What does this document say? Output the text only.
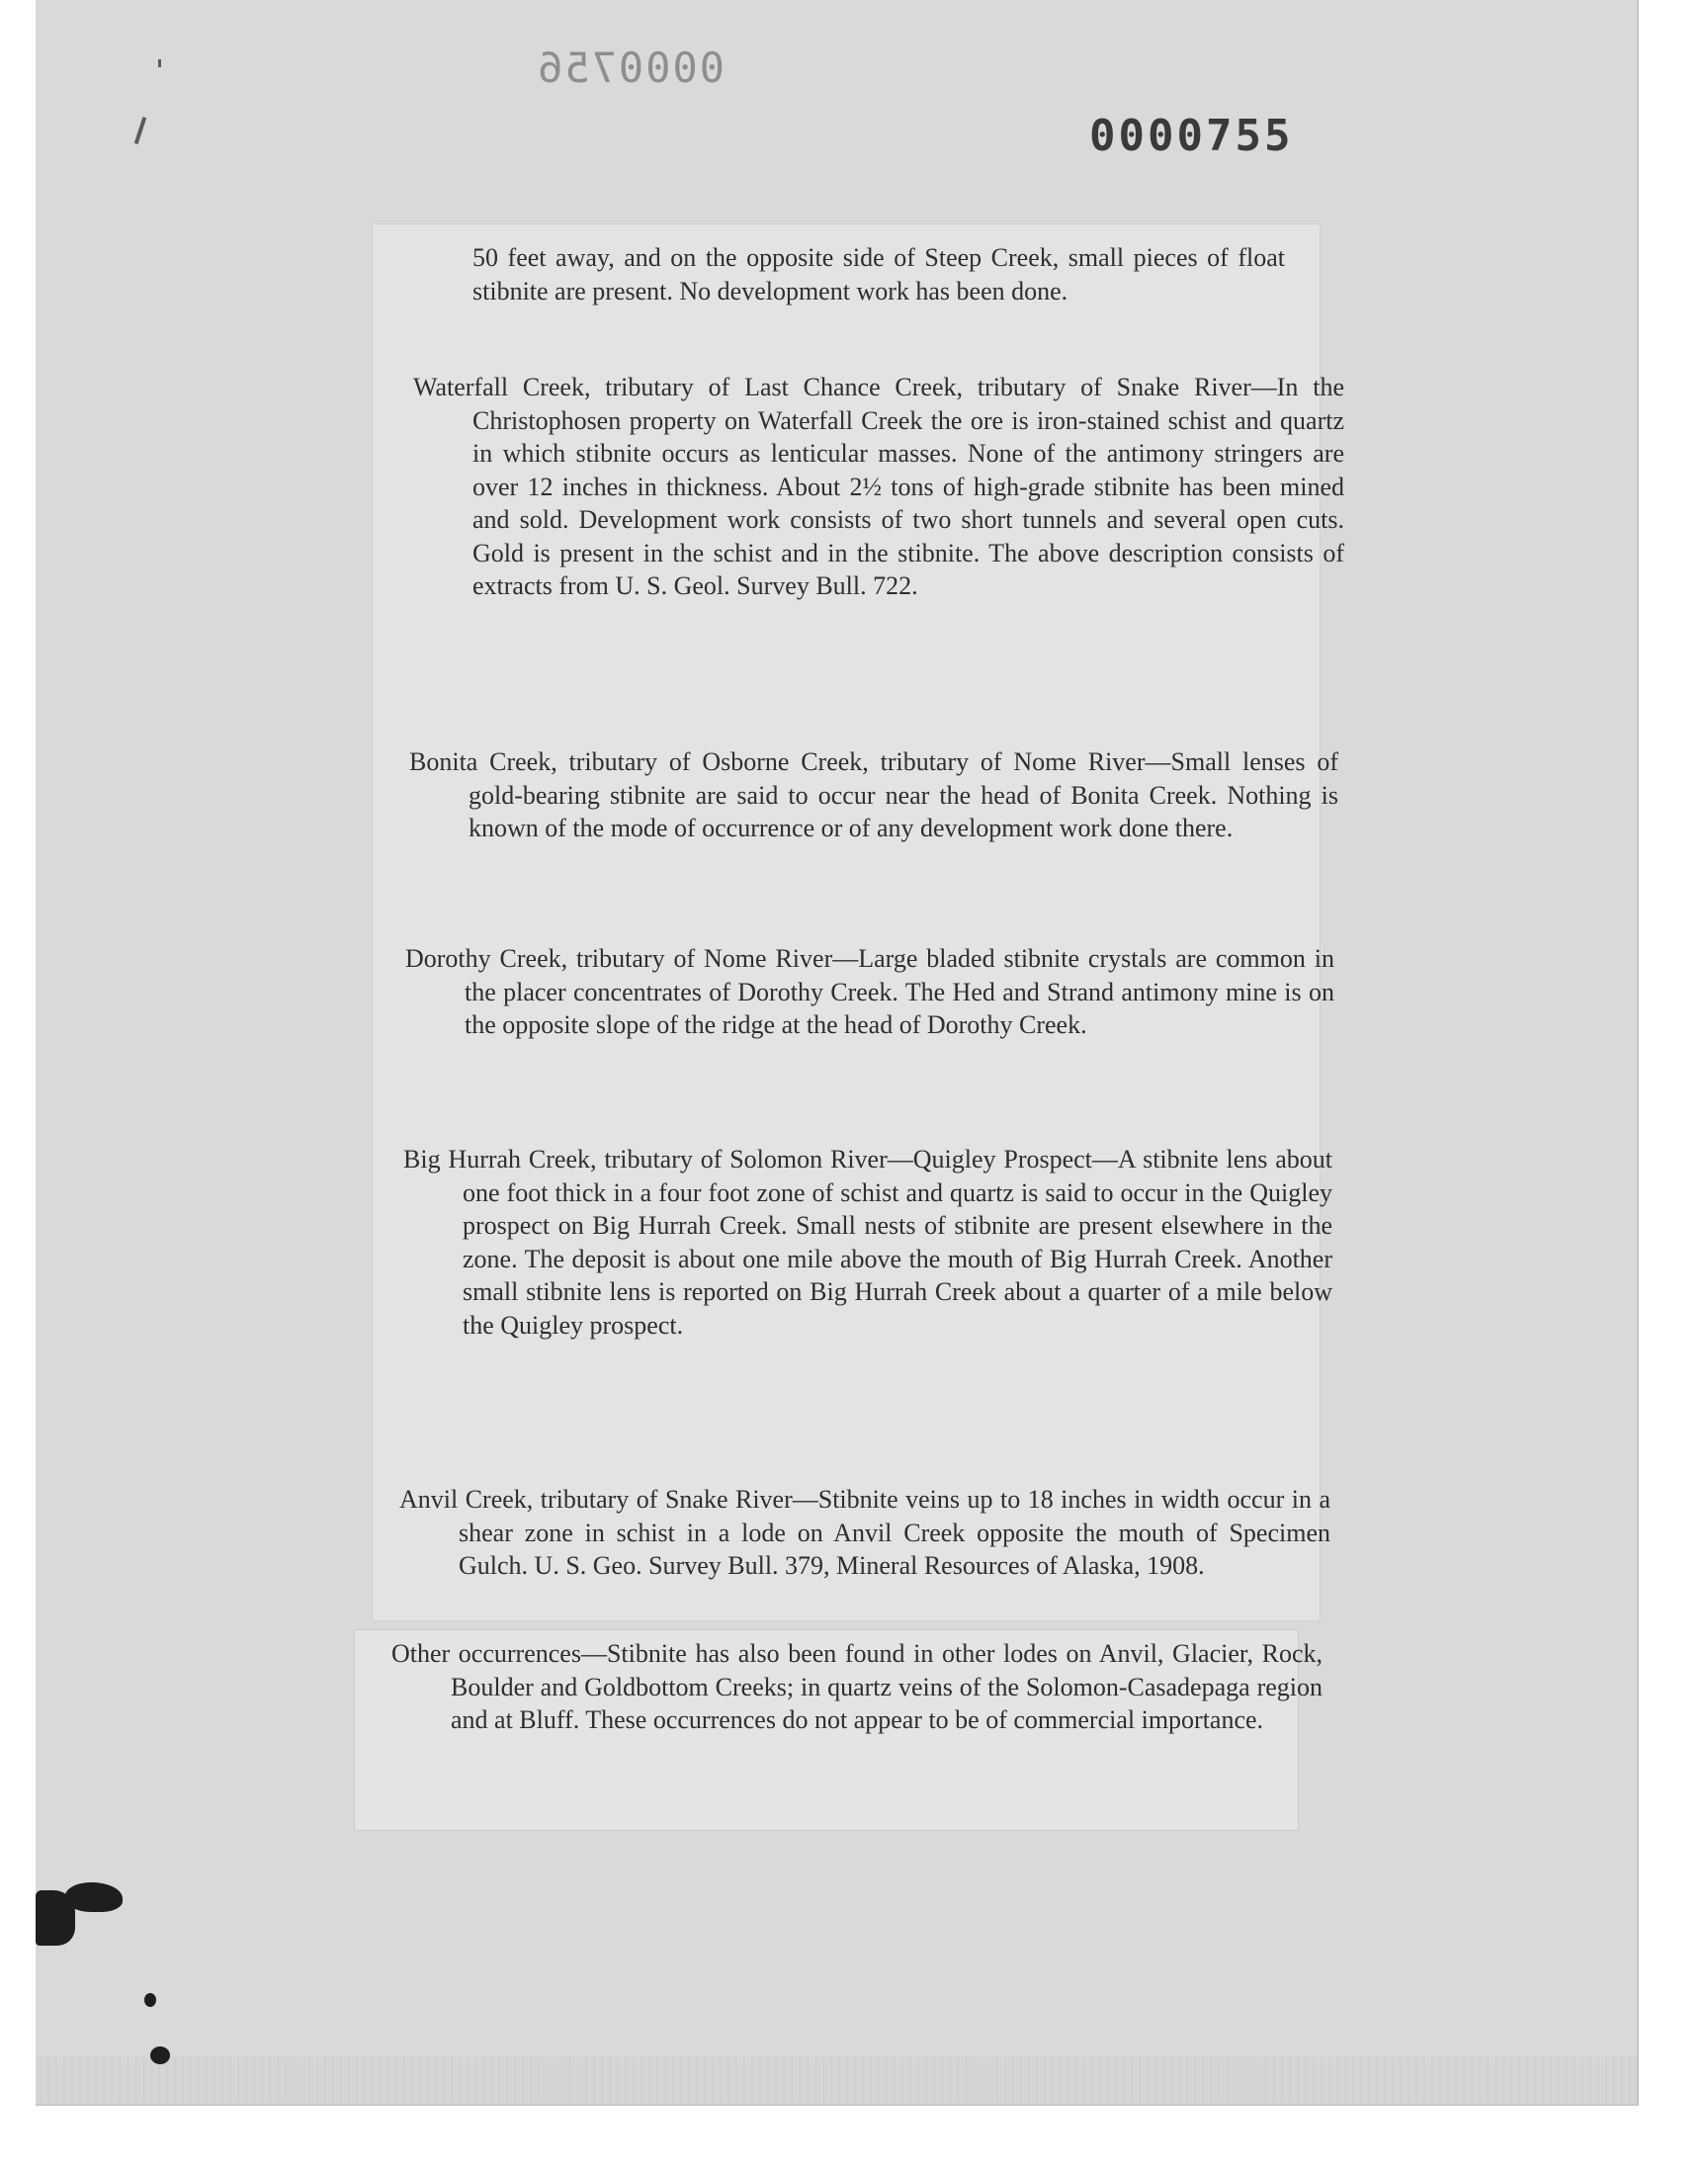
0000756
0000755

50 feet away, and on the opposite side of Steep Creek, small pieces of float stibnite are present. No development work has been done.

Waterfall Creek, tributary of Last Chance Creek, tributary of Snake River—In the Christophosen property on Waterfall Creek the ore is iron-stained schist and quartz in which stibnite occurs as lenticular masses. None of the antimony stringers are over 12 inches in thickness. About 2½ tons of high-grade stibnite has been mined and sold. Development work consists of two short tunnels and several open cuts. Gold is present in the schist and in the stibnite. The above description consists of extracts from U. S. Geol. Survey Bull. 722.

Bonita Creek, tributary of Osborne Creek, tributary of Nome River—Small lenses of gold-bearing stibnite are said to occur near the head of Bonita Creek. Nothing is known of the mode of occurrence or of any development work done there.

Dorothy Creek, tributary of Nome River—Large bladed stibnite crystals are common in the placer concentrates of Dorothy Creek. The Hed and Strand antimony mine is on the opposite slope of the ridge at the head of Dorothy Creek.

Big Hurrah Creek, tributary of Solomon River—Quigley Prospect—A stibnite lens about one foot thick in a four foot zone of schist and quartz is said to occur in the Quigley prospect on Big Hurrah Creek. Small nests of stibnite are present elsewhere in the zone. The deposit is about one mile above the mouth of Big Hurrah Creek. Another small stibnite lens is reported on Big Hurrah Creek about a quarter of a mile below the Quigley prospect.

Anvil Creek, tributary of Snake River—Stibnite veins up to 18 inches in width occur in a shear zone in schist in a lode on Anvil Creek opposite the mouth of Specimen Gulch. U. S. Geo. Survey Bull. 379, Mineral Resources of Alaska, 1908.

Other occurrences—Stibnite has also been found in other lodes on Anvil, Glacier, Rock, Boulder and Goldbottom Creeks; in quartz veins of the Solomon-Casadepaga region and at Bluff. These occurrences do not appear to be of commercial importance.
